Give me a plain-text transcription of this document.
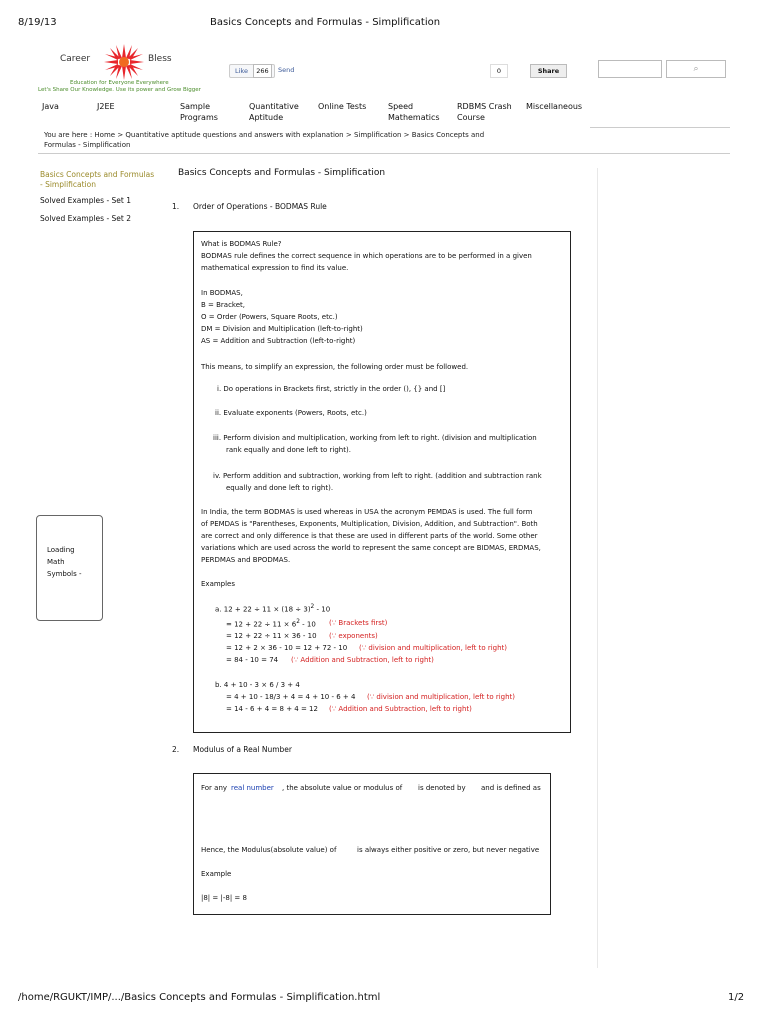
8/19/13	Basics Concepts and Formulas - Simplification
Career	Bless
Education for Everyone Everywhere
Let's Share Our Knowledge. Use its power and Grow Bigger
Like	266	Send	0	Share	⌕
Java	J2EE	Sample
Programs
Quantitative
Aptitude
Online Tests	Speed
Mathematics
RDBMS Crash
Course
Miscellaneous
You are here : Home > Quantitative aptitude questions and answers with explanation > Simplification > Basics Concepts and
Formulas - Simplification
Basics Concepts and Formulas
- Simplification
Solved Examples - Set 1
Solved Examples - Set 2
Loading
Math
Symbols -
Basics Concepts and Formulas - Simplification
1. Order of Operations - BODMAS Rule
What is BODMAS Rule?
BODMAS rule defines the correct sequence in which operations are to be performed in a given
mathematical expression to find its value.
In BODMAS,
B = Bracket,
O = Order (Powers, Square Roots, etc.)
DM = Division and Multiplication (left-to-right)
AS = Addition and Subtraction (left-to-right)
This means, to simplify an expression, the following order must be followed.
i. Do operations in Brackets first, strictly in the order (), {} and []
ii. Evaluate exponents (Powers, Roots, etc.)
iii. Perform division and multiplication, working from left to right. (division and multiplication
rank equally and done left to right).
iv. Perform addition and subtraction, working from left to right. (addition and subtraction rank
equally and done left to right).
In India, the term BODMAS is used whereas in USA the acronym PEMDAS is used. The full form
of PEMDAS is "Parentheses, Exponents, Multiplication, Division, Addition, and Subtraction". Both
are correct and only difference is that these are used in different parts of the world. Some other
variations which are used across the world to represent the same concept are BIDMAS, ERDMAS,
PERDMAS and BPODMAS.
Examples
a. $12 + 22 \div 11 \times (18 \div 3)^2 - 10$
= $12 + 22 \div 11 \times 6^2 - 10$ (∵ Brackets first)
= 12 + 22 ÷ 11 × 36 - 10 (∵ exponents)
= 12 + 2 × 36 - 10 = 12 + 72 - 10 (∵ division and multiplication, left to right)
= 84 - 10 = 74 (∵ Addition and Subtraction, left to right)
b. 4 + 10 - 3 × 6 / 3 + 4
= 4 + 10 - 18/3 + 4 = 4 + 10 - 6 + 4 (∵ division and multiplication, left to right)
= 14 - 6 + 4 = 8 + 4 = 12 (∵ Addition and Subtraction, left to right)
2. Modulus of a Real Number
For any real number , the absolute value or modulus of is denoted by and is defined as
Hence, the Modulus(absolute value) of	is always either positive or zero, but never negative
Example
|8| = |-8| = 8
/home/RGUKT/IMP/.../Basics Concepts and Formulas - Simplification.html	1/2
